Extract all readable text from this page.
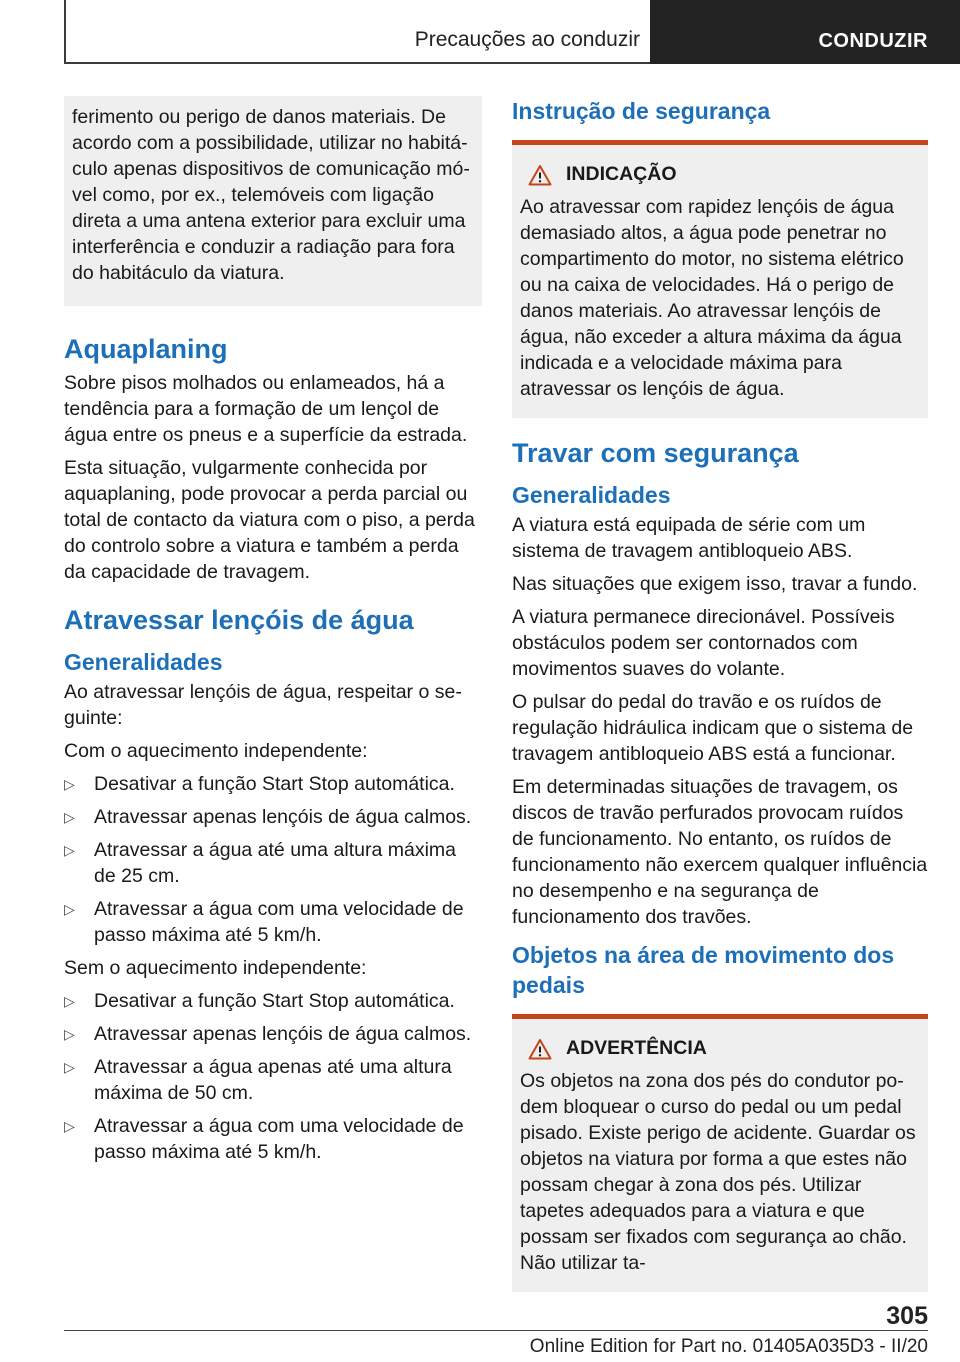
Precauções ao conduzir	CONDUZIR

ferimento ou perigo de danos materiais. De acordo com a possibilidade, utilizar no habitáculo apenas dispositivos de comunicação móvel como, por ex., telemóveis com ligação direta a uma antena exterior para excluir uma interferência e conduzir a radiação para fora do habitáculo da viatura.

Aquaplaning

Sobre pisos molhados ou enlameados, há a tendência para a formação de um lençol de água entre os pneus e a superfície da estrada.

Esta situação, vulgarmente conhecida por aquaplaning, pode provocar a perda parcial ou total de contacto da viatura com o piso, a perda do controlo sobre a viatura e também a perda da capacidade de travagem.

Atravessar lençóis de água
Generalidades

Ao atravessar lençóis de água, respeitar o seguinte:

Com o aquecimento independente:

▷ Desativar a função Start Stop automática.
▷ Atravessar apenas lençóis de água calmos.
▷ Atravessar a água até uma altura máxima de 25 cm.
▷ Atravessar a água com uma velocidade de passo máxima até 5 km/h.

Sem o aquecimento independente:

▷ Desativar a função Start Stop automática.
▷ Atravessar apenas lençóis de água calmos.
▷ Atravessar a água apenas até uma altura máxima de 50 cm.
▷ Atravessar a água com uma velocidade de passo máxima até 5 km/h.
Instrução de segurança
INDICAÇÃO

Ao atravessar com rapidez lençóis de água demasiado altos, a água pode penetrar no compartimento do motor, no sistema elétrico ou na caixa de velocidades. Há o perigo de danos materiais. Ao atravessar lençóis de água, não exceder a altura máxima da água indicada e a velocidade máxima para atravessar os lençóis de água.

Travar com segurança
Generalidades

A viatura está equipada de série com um sistema de travagem antibloqueio ABS.

Nas situações que exigem isso, travar a fundo.

A viatura permanece direcionável. Possíveis obstáculos podem ser contornados com movimentos suaves do volante.

O pulsar do pedal do travão e os ruídos de regulação hidráulica indicam que o sistema de travagem antibloqueio ABS está a funcionar.

Em determinadas situações de travagem, os discos de travão perfurados provocam ruídos de funcionamento. No entanto, os ruídos de funcionamento não exercem qualquer influência no desempenho e na segurança de funcionamento dos travões.

Objetos na área de movimento dos pedais
ADVERTÊNCIA

Os objetos na zona dos pés do condutor podem bloquear o curso do pedal ou um pedal pisado. Existe perigo de acidente. Guardar os objetos na viatura por forma a que estes não possam chegar à zona dos pés. Utilizar tapetes adequados para a viatura e que possam ser fixados com segurança ao chão. Não utilizar ta-

305
Online Edition for Part no. 01405A035D3 - II/20
